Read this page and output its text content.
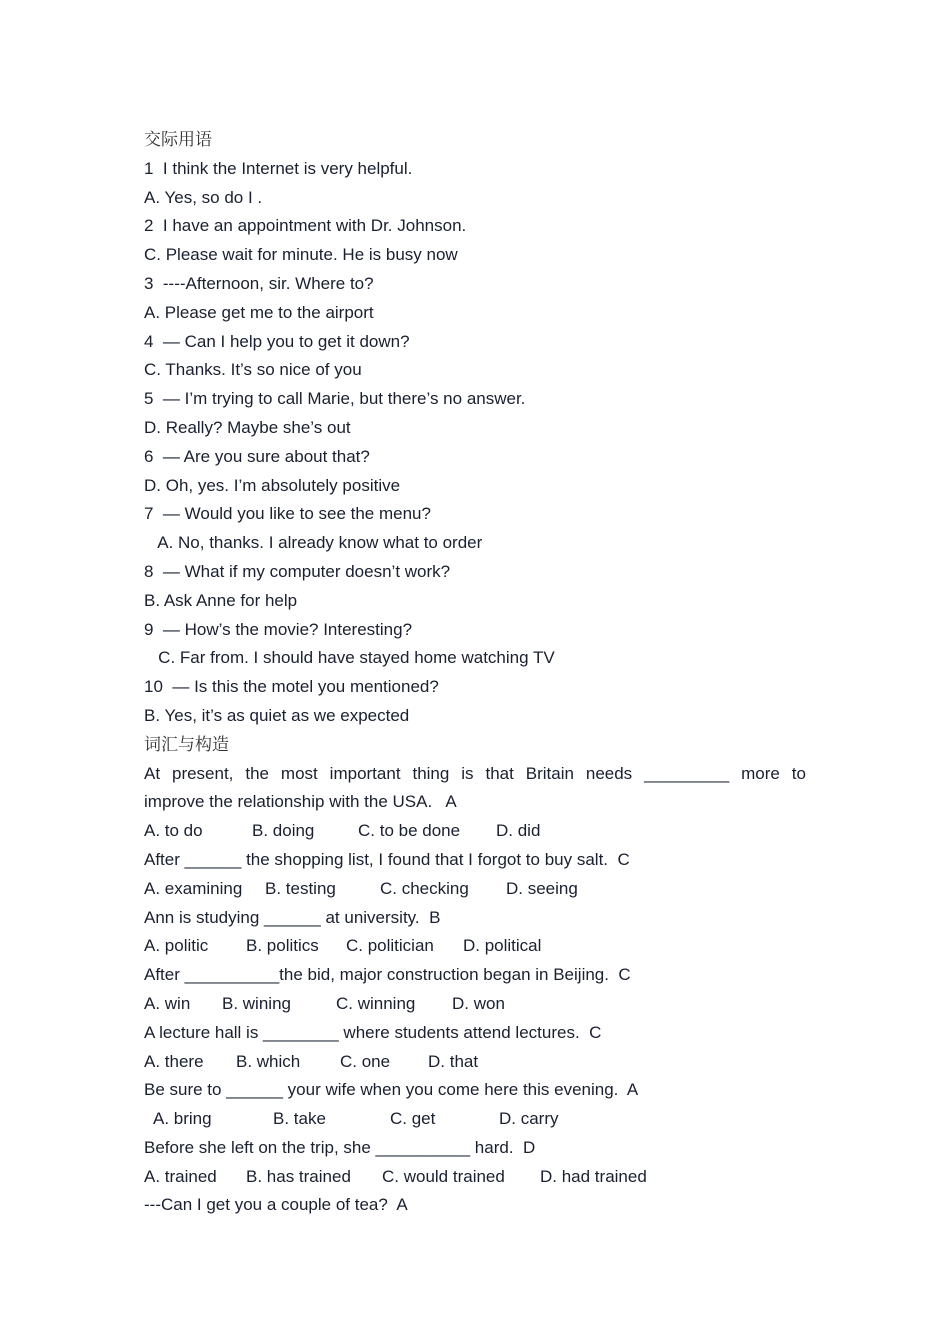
交际用语
1  I think the Internet is very helpful.
A. Yes, so do I .
2  I have an appointment with Dr. Johnson.
C. Please wait for minute. He is busy now
3  ----Afternoon, sir. Where to?
A. Please get me to the airport
4  — Can I help you to get it down?
C. Thanks. It’s so nice of you
5  — I’m trying to call Marie, but there’s no answer.
D. Really? Maybe she’s out
6  — Are you sure about that?
D. Oh, yes. I’m absolutely positive
7  — Would you like to see the menu?
A. No, thanks. I already know what to order
8  — What if my computer doesn’t work?
B. Ask Anne for help
9  — How’s the movie? Interesting?
C. Far from. I should have stayed home watching TV
10  — Is this the motel you mentioned?
B. Yes, it’s as quiet as we expected
词汇与构造
At present, the most important thing is that Britain needs _________ more to
improve the relationship with the USA.   A
A. to do	B. doing	C. to be done D. did
After ______ the shopping list, I found that I forgot to buy salt.  C
A. examining B. testing	C. checking D. seeing
Ann is studying ______ at university.  B
A. politic B. politics C. politician D. political
After __________the bid, major construction began in Beijing.  C
A. win B. wining	C. winning D. won
A lecture hall is ________ where students attend lectures.  C
A. there B. which C. one D. that
Be sure to ______ your wife when you come here this evening.  A
A. bring	B. take	C. get	D. carry
Before she left on the trip, she __________ hard.  D
A. trained B. has trained C. would trained D. had trained
---Can I get you a couple of tea?  A
